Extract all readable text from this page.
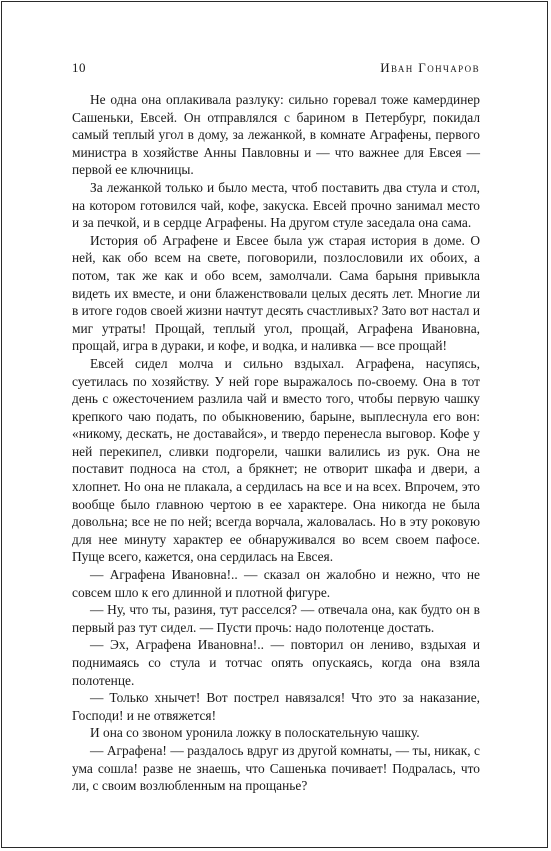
10	Иван Гончаров

Не одна она оплакивала разлуку: сильно горевал тоже камердинер Сашеньки, Евсей. Он отправлялся с барином в Петербург, покидал самый теплый угол в дому, за лежанкой, в комнате Аграфены, первого министра в хозяйстве Анны Павловны и — что важнее для Евсея — первой ее ключницы.

За лежанкой только и было места, чтоб поставить два стула и стол, на котором готовился чай, кофе, закуска. Евсей прочно занимал место и за печкой, и в сердце Аграфены. На другом стуле заседала она сама.

История об Аграфене и Евсее была уж старая история в доме. О ней, как обо всем на свете, поговорили, позлословили их обоих, а потом, так же как и обо всем, замолчали. Сама барыня привыкла видеть их вместе, и они блаженствовали целых десять лет. Многие ли в итоге годов своей жизни начтут десять счастливых? Зато вот настал и миг утраты! Прощай, теплый угол, прощай, Аграфена Ивановна, прощай, игра в дураки, и кофе, и водка, и наливка — все прощай!

Евсей сидел молча и сильно вздыхал. Аграфена, насупясь, суетилась по хозяйству. У ней горе выражалось по-своему. Она в тот день с ожесточением разлила чай и вместо того, чтобы первую чашку крепкого чаю подать, по обыкновению, барыне, выплеснула его вон: «никому, дескать, не доставайся», и твердо перенесла выговор. Кофе у ней перекипел, сливки подгорели, чашки валились из рук. Она не поставит подноса на стол, а брякнет; не отворит шкафа и двери, а хлопнет. Но она не плакала, а сердилась на все и на всех. Впрочем, это вообще было главною чертою в ее характере. Она никогда не была довольна; все не по ней; всегда ворчала, жаловалась. Но в эту роковую для нее минуту характер ее обнаруживался во всем своем пафосе. Пуще всего, кажется, она сердилась на Евсея.

— Аграфена Ивановна!.. — сказал он жалобно и нежно, что не совсем шло к его длинной и плотной фигуре.

— Ну, что ты, разиня, тут расселся? — отвечала она, как будто он в первый раз тут сидел. — Пусти прочь: надо полотенце достать.

— Эх, Аграфена Ивановна!.. — повторил он лениво, вздыхая и поднимаясь со стула и тотчас опять опускаясь, когда она взяла полотенце.

— Только хнычет! Вот пострел навязался! Что это за наказание, Господи! и не отвяжется!

И она со звоном уронила ложку в полоскательную чашку.

— Аграфена! — раздалось вдруг из другой комнаты, — ты, никак, с ума сошла! разве не знаешь, что Сашенька почивает! Подралась, что ли, с своим возлюбленным на прощанье?
